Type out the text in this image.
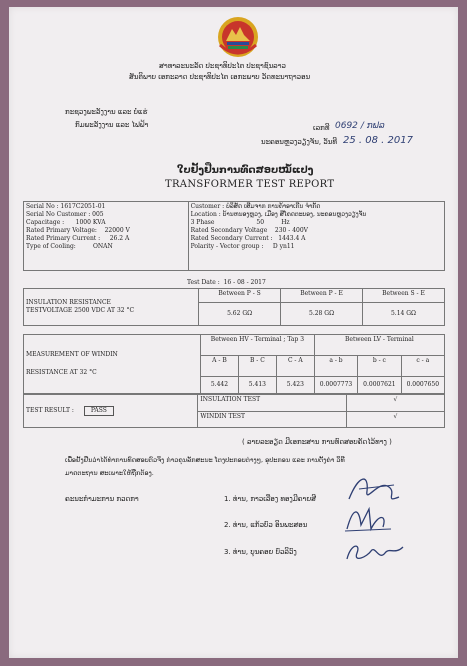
ສາທາລະນະລັດ ປະຊາທິປະໄຕ ປະຊາຊົນລາວ
ສັນຕິພາບ ເອກະລາດ ປະຊາທິປະໄຕ ເອກະພາບ ວັດທະນາຖາວອນ
ກະຊວງພະລັງງານ ແລະ ບໍ່ແຮ່
ກົມພະລັງງານ ແລະ ໄຟຟ້າ	ເລກທີ 0692 / ກຟລ
ນະຄອນຫຼວງວຽງຈັນ, ວັນທີ 25 . 08 . 2017
ໃບຢັ້ງຢືນການທົດສອບໝໍ້ແປງ
TRANSFORMER TEST REPORT
Serial No : 1617C2051-01
Serial No Customer : 005
Capacitage : 1000 KVA
Rated Primary Voltage: 22000 V
Rated Primary Current : 26.2 A
Type of Cooling:	ONAN

Customer : ບໍລິສັດ ເສີມຈາກ ການຄ້າອາເກີນ ຈຳກັດ
Location : ບ້ານຫນອງຫຼວງ, ເມືອງ ສີໂຄດຕະບອງ, ນະຄອນຫຼວງວຽງຈັນ
3 Phase	50	Hz
Rated Secondary Voltage 230 - 400V
Rated Secondary Current : 1443.4 A
Polarity - Vector group : D yn11
Test Date : 16 - 08 - 2017
INSULATION RESISTANCE
TESTVOLTAGE 2500 VDC AT 32 °C	Between P - S	Between P - E	Between S - E
	5.62 GΩ	5.28 GΩ	5.14 GΩ
MEASUREMENT OF WINDIN
RESISTANCE AT 32 °C	Between HV - Terminal ; Tap 3			Between LV - Terminal		
	A - B	B - C	C - A	a - b	b - c	c - a
	5.442	5.413	5.423	0.0007773	0.0007621	0.0007650
TEST RESULT : PASS	INSULATION TEST	√
	WINDIN TEST	√
( ລາຍລະອຽດ ມີເອກະສານ ການທົດສອບຄັດໄວ້ທາງ )
ເພື່ອຢັ້ງຢືນວ່າໄດ້ທຳການທົດສອບຕົວຈິງ ກ່າວຄຸນລັກສະນະ ໂຕງປະກອບຕ່າງໆ, ອຸປະກອນ ແລະ ການຕັ້ງຄ່າ ວິທີ
ມາດຕະຖານ ສະເພາະໃຫ້ຖືກຕ້ອງ.
ຄະນະກຳມະການ ກວດກາ	1. ທ່ານ, ກາວເລືອງ ທອງມີຄາຍສີ
2. ທ່ານ, ແກ້ວບົວ ອິນພະສອນ
3. ທ່ານ, ບຸນຄອຍ ບົວລິວົງ
